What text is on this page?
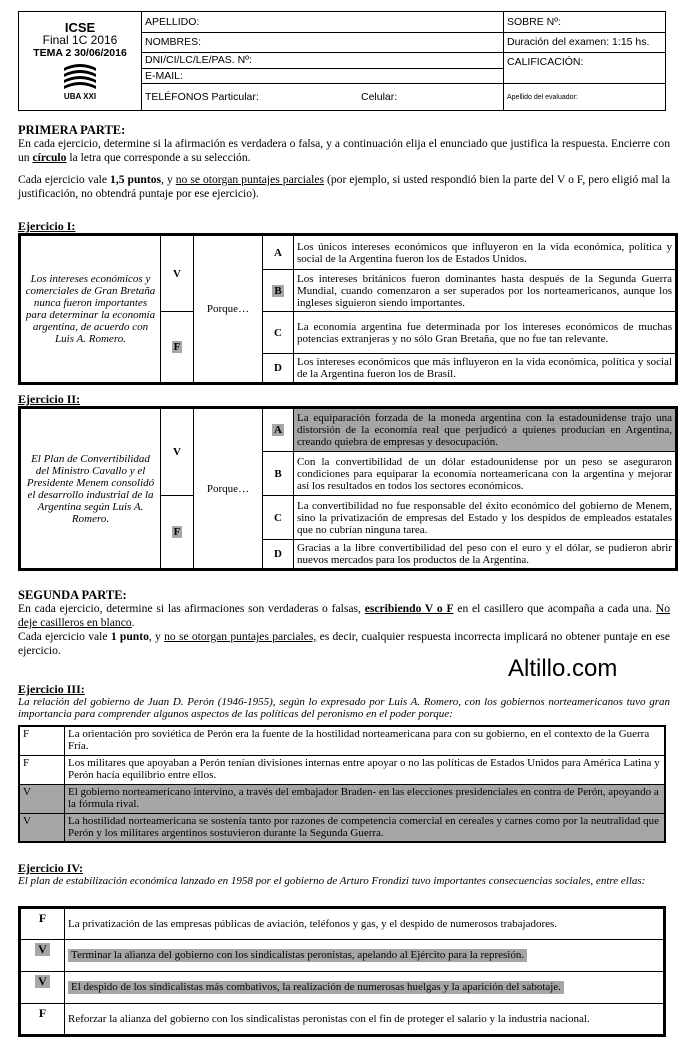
ICSE
Final 1C 2016
TEMA 2 30/06/2016
UBA XXI	APELLIDO:		SOBRE Nº:
	NOMBRES:		Duración del examen: 1:15 hs.
	DNI/CI/LC/LE/PAS. Nº:		CALIFICACIÓN:
	E-MAIL:		
	TELÉFONOS Particular:	Celular:	Apellido del evaluador:
PRIMERA PARTE:
En cada ejercicio, determine si la afirmación es verdadera o falsa, y a continuación elija el enunciado que justifica la respuesta. Encierre con un círculo la letra que corresponde a su selección.
Cada ejercicio vale 1,5 puntos, y no se otorgan puntajes parciales (por ejemplo, si usted respondió bien la parte del V o F, pero eligió mal la justificación, no obtendrá puntaje por ese ejercicio).
Ejercicio I:
Los intereses económicos y comerciales de Gran Bretaña nunca fueron importantes para determinar la economía argentina, de acuerdo con Luis A. Romero.	V	Porque…	A	Los únicos intereses económicos que influyeron en la vida económica, política y social de la Argentina fueron los de Estados Unidos.
			B	Los intereses británicos fueron dominantes hasta después de la Segunda Guerra Mundial, cuando comenzaron a ser superados por los norteamericanos, aunque los ingleses siguieron siendo importantes.
	F		C	La economía argentina fue determinada por los intereses económicos de muchas potencias extranjeras y no sólo Gran Bretaña, que no fue tan relevante.
			D	Los intereses económicos que más influyeron en la vida económica, política y social de la Argentina fueron los de Brasil.
Ejercicio II:
El Plan de Convertibilidad del Ministro Cavallo y el Presidente Menem consolidó el desarrollo industrial de la Argentina según Luis A. Romero.	V	Porque…	A	La equiparación forzada de la moneda argentina con la estadounidense trajo una distorsión de la economía real que perjudicó a quienes producían en Argentina, creando quiebra de empresas y desocupación.
			B	Con la convertibilidad de un dólar estadounidense por un peso se aseguraron condiciones para equiparar la economía norteamericana con la argentina y mejorar así los resultados en todos los sectores económicos.
	F		C	La convertibilidad no fue responsable del éxito económico del gobierno de Menem, sino la privatización de empresas del Estado y los despidos de empleados estatales que no cubrían ninguna tarea.
			D	Gracias a la libre convertibilidad del peso con el euro y el dólar, se pudieron abrir nuevos mercados para los productos de la Argentina.
SEGUNDA PARTE:
En cada ejercicio, determine si las afirmaciones son verdaderas o falsas, escribiendo V o F en el casillero que acompaña a cada una. No deje casilleros en blanco.
Cada ejercicio vale 1 punto, y no se otorgan puntajes parciales, es decir, cualquier respuesta incorrecta implicará no obtener puntaje en ese ejercicio.
Altillo.com
Ejercicio III:
La relación del gobierno de Juan D. Perón (1946-1955), según lo expresado por Luis A. Romero, con los gobiernos norteamericanos tuvo gran importancia para comprender algunos aspectos de las políticas del peronismo en el poder porque:
F	La orientación pro soviética de Perón era la fuente de la hostilidad norteamericana para con su gobierno, en el contexto de la Guerra Fría.
F	Los militares que apoyaban a Perón tenían divisiones internas entre apoyar o no las políticas de Estados Unidos para América Latina y Perón hacía equilibrio entre ellos.
V	El gobierno norteamericano intervino, a través del embajador Braden- en las elecciones presidenciales en contra de Perón, apoyando a la fórmula rival.
V	La hostilidad norteamericana se sostenía tanto por razones de competencia comercial en cereales y carnes como por la neutralidad que Perón y los militares argentinos sostuvieron durante la Segunda Guerra.
Ejercicio IV:
El plan de estabilización económica lanzado en 1958 por el gobierno de Arturo Frondizi tuvo importantes consecuencias sociales, entre ellas:
F	La privatización de las empresas públicas de aviación, teléfonos y gas, y el despido de numerosos trabajadores.
V	Terminar la alianza del gobierno con los sindicalistas peronistas, apelando al Ejército para la represión.
V	El despido de los sindicalistas más combativos, la realización de numerosas huelgas y la aparición del sabotaje.
F	Reforzar la alianza del gobierno con los sindicalistas peronistas con el fin de proteger el salario y la industria nacional.
